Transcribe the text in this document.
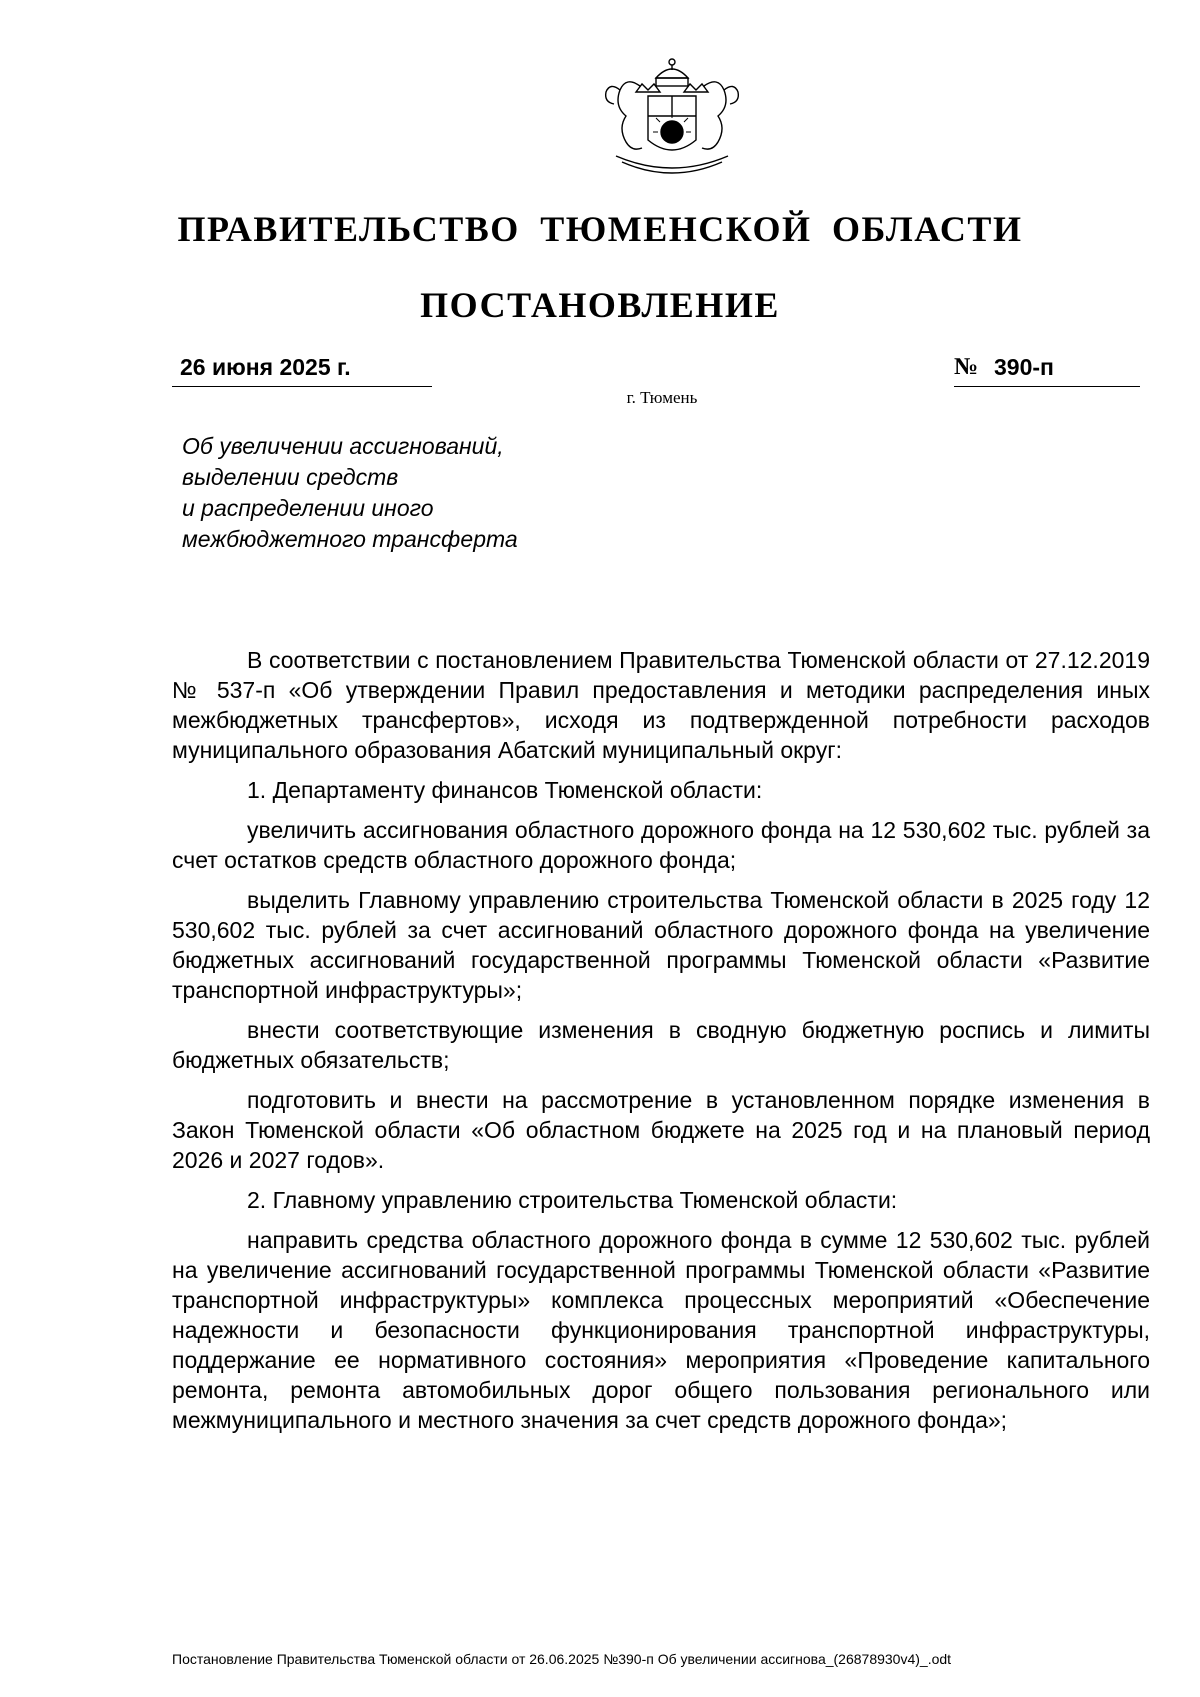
ПРАВИТЕЛЬСТВО ТЮМЕНСКОЙ ОБЛАСТИ
ПОСТАНОВЛЕНИЕ
26 июня 2025 г.	№ 390-п
г. Тюмень
Об увеличении ассигнований,
выделении средств
и распределении иного
межбюджетного трансферта

В соответствии с постановлением Правительства Тюменской области от 27.12.2019 № 537-п «Об утверждении Правил предоставления и методики распределения иных межбюджетных трансфертов», исходя из подтвержденной потребности расходов муниципального образования Абатский муниципальный округ:

1. Департаменту финансов Тюменской области:

увеличить ассигнования областного дорожного фонда на 12 530,602 тыс. рублей за счет остатков средств областного дорожного фонда;

выделить Главному управлению строительства Тюменской области в 2025 году 12 530,602 тыс. рублей за счет ассигнований областного дорожного фонда на увеличение бюджетных ассигнований государственной программы Тюменской области «Развитие транспортной инфраструктуры»;

внести соответствующие изменения в сводную бюджетную роспись и лимиты бюджетных обязательств;

подготовить и внести на рассмотрение в установленном порядке изменения в Закон Тюменской области «Об областном бюджете на 2025 год и на плановый период 2026 и 2027 годов».

2. Главному управлению строительства Тюменской области:

направить средства областного дорожного фонда в сумме 12 530,602 тыс. рублей на увеличение ассигнований государственной программы Тюменской области «Развитие транспортной инфраструктуры» комплекса процессных мероприятий «Обеспечение надежности и безопасности функционирования транспортной инфраструктуры, поддержание ее нормативного состояния» мероприятия «Проведение капитального ремонта, ремонта автомобильных дорог общего пользования регионального или межмуниципального и местного значения за счет средств дорожного фонда»;

Постановление Правительства Тюменской области от 26.06.2025 №390-п Об увеличении ассигнова_(26878930v4)_.odt
